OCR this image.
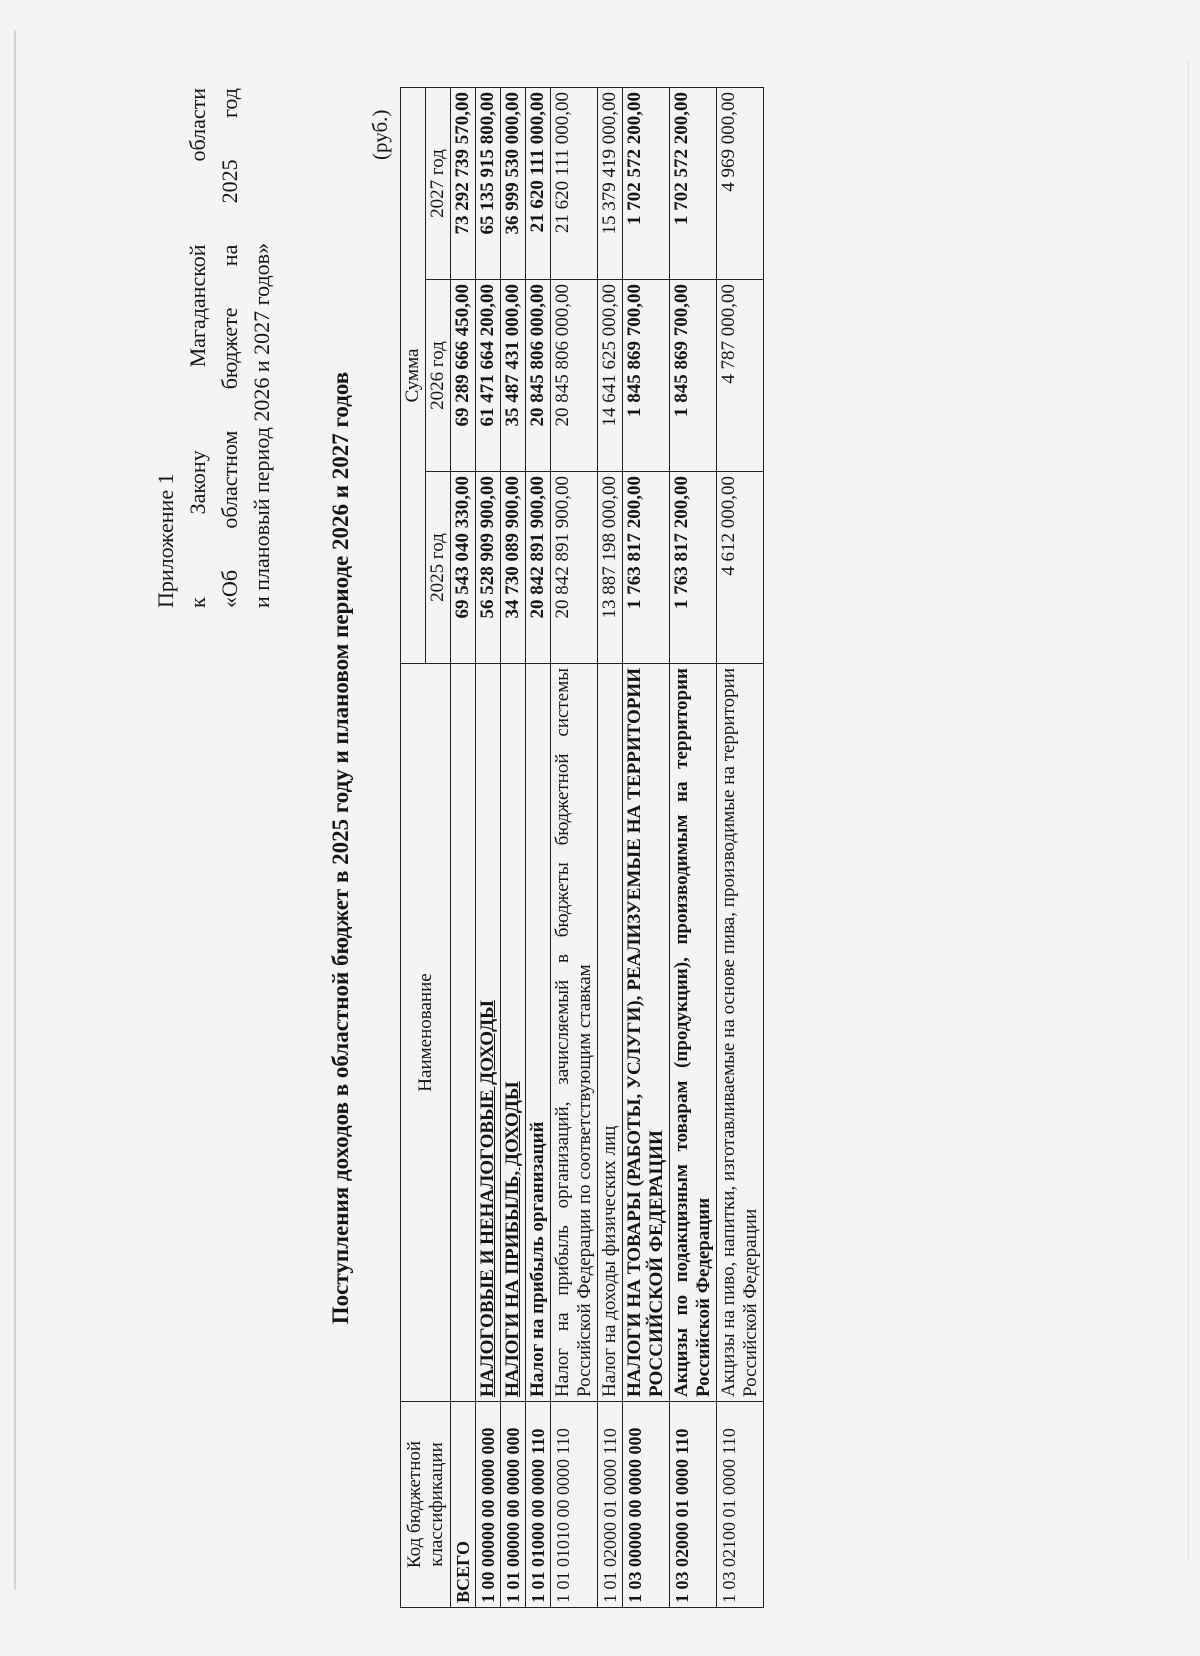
Приложение 1 к Закону Магаданской области «Об областном бюджете на 2025 год и плановый период 2026 и 2027 годов» Поступления доходов в областной бюджет в 2025 году и плановом периоде 2026 и 2027 годов
(руб.)
Код бюджетной классификации	Наименование	Сумма		
		2025 год	2026 год	2027 год
ВСЕГО		69 543 040 330,00	69 289 666 450,00	73 292 739 570,00
1 00 00000 00 0000 000	НАЛОГОВЫЕ И НЕНАЛОГОВЫЕ ДОХОДЫ	56 528 909 900,00	61 471 664 200,00	65 135 915 800,00
1 01 00000 00 0000 000	НАЛОГИ НА ПРИБЫЛЬ, ДОХОДЫ	34 730 089 900,00	35 487 431 000,00	36 999 530 000,00
1 01 01000 00 0000 110	Налог на прибыль организаций	20 842 891 900,00	20 845 806 000,00	21 620 111 000,00
1 01 01010 00 0000 110	Налог на прибыль организаций, зачисляемый в бюджеты бюджетной системы Российской Федерации по соответствующим ставкам	20 842 891 900,00	20 845 806 000,00	21 620 111 000,00
1 01 02000 01 0000 110	Налог на доходы физических лиц	13 887 198 000,00	14 641 625 000,00	15 379 419 000,00
1 03 00000 00 0000 000	НАЛОГИ НА ТОВАРЫ (РАБОТЫ, УСЛУГИ), РЕАЛИЗУЕМЫЕ НА ТЕРРИТОРИИ РОССИЙСКОЙ ФЕДЕРАЦИИ	1 763 817 200,00	1 845 869 700,00	1 702 572 200,00
1 03 02000 01 0000 110	Акцизы по подакцизным товарам (продукции), производимым на территории Российской Федерации	1 763 817 200,00	1 845 869 700,00	1 702 572 200,00
1 03 02100 01 0000 110	Акцизы на пиво, напитки, изготавливаемые на основе пива, производимые на территории Российской Федерации	4 612 000,00	4 787 000,00	4 969 000,00
